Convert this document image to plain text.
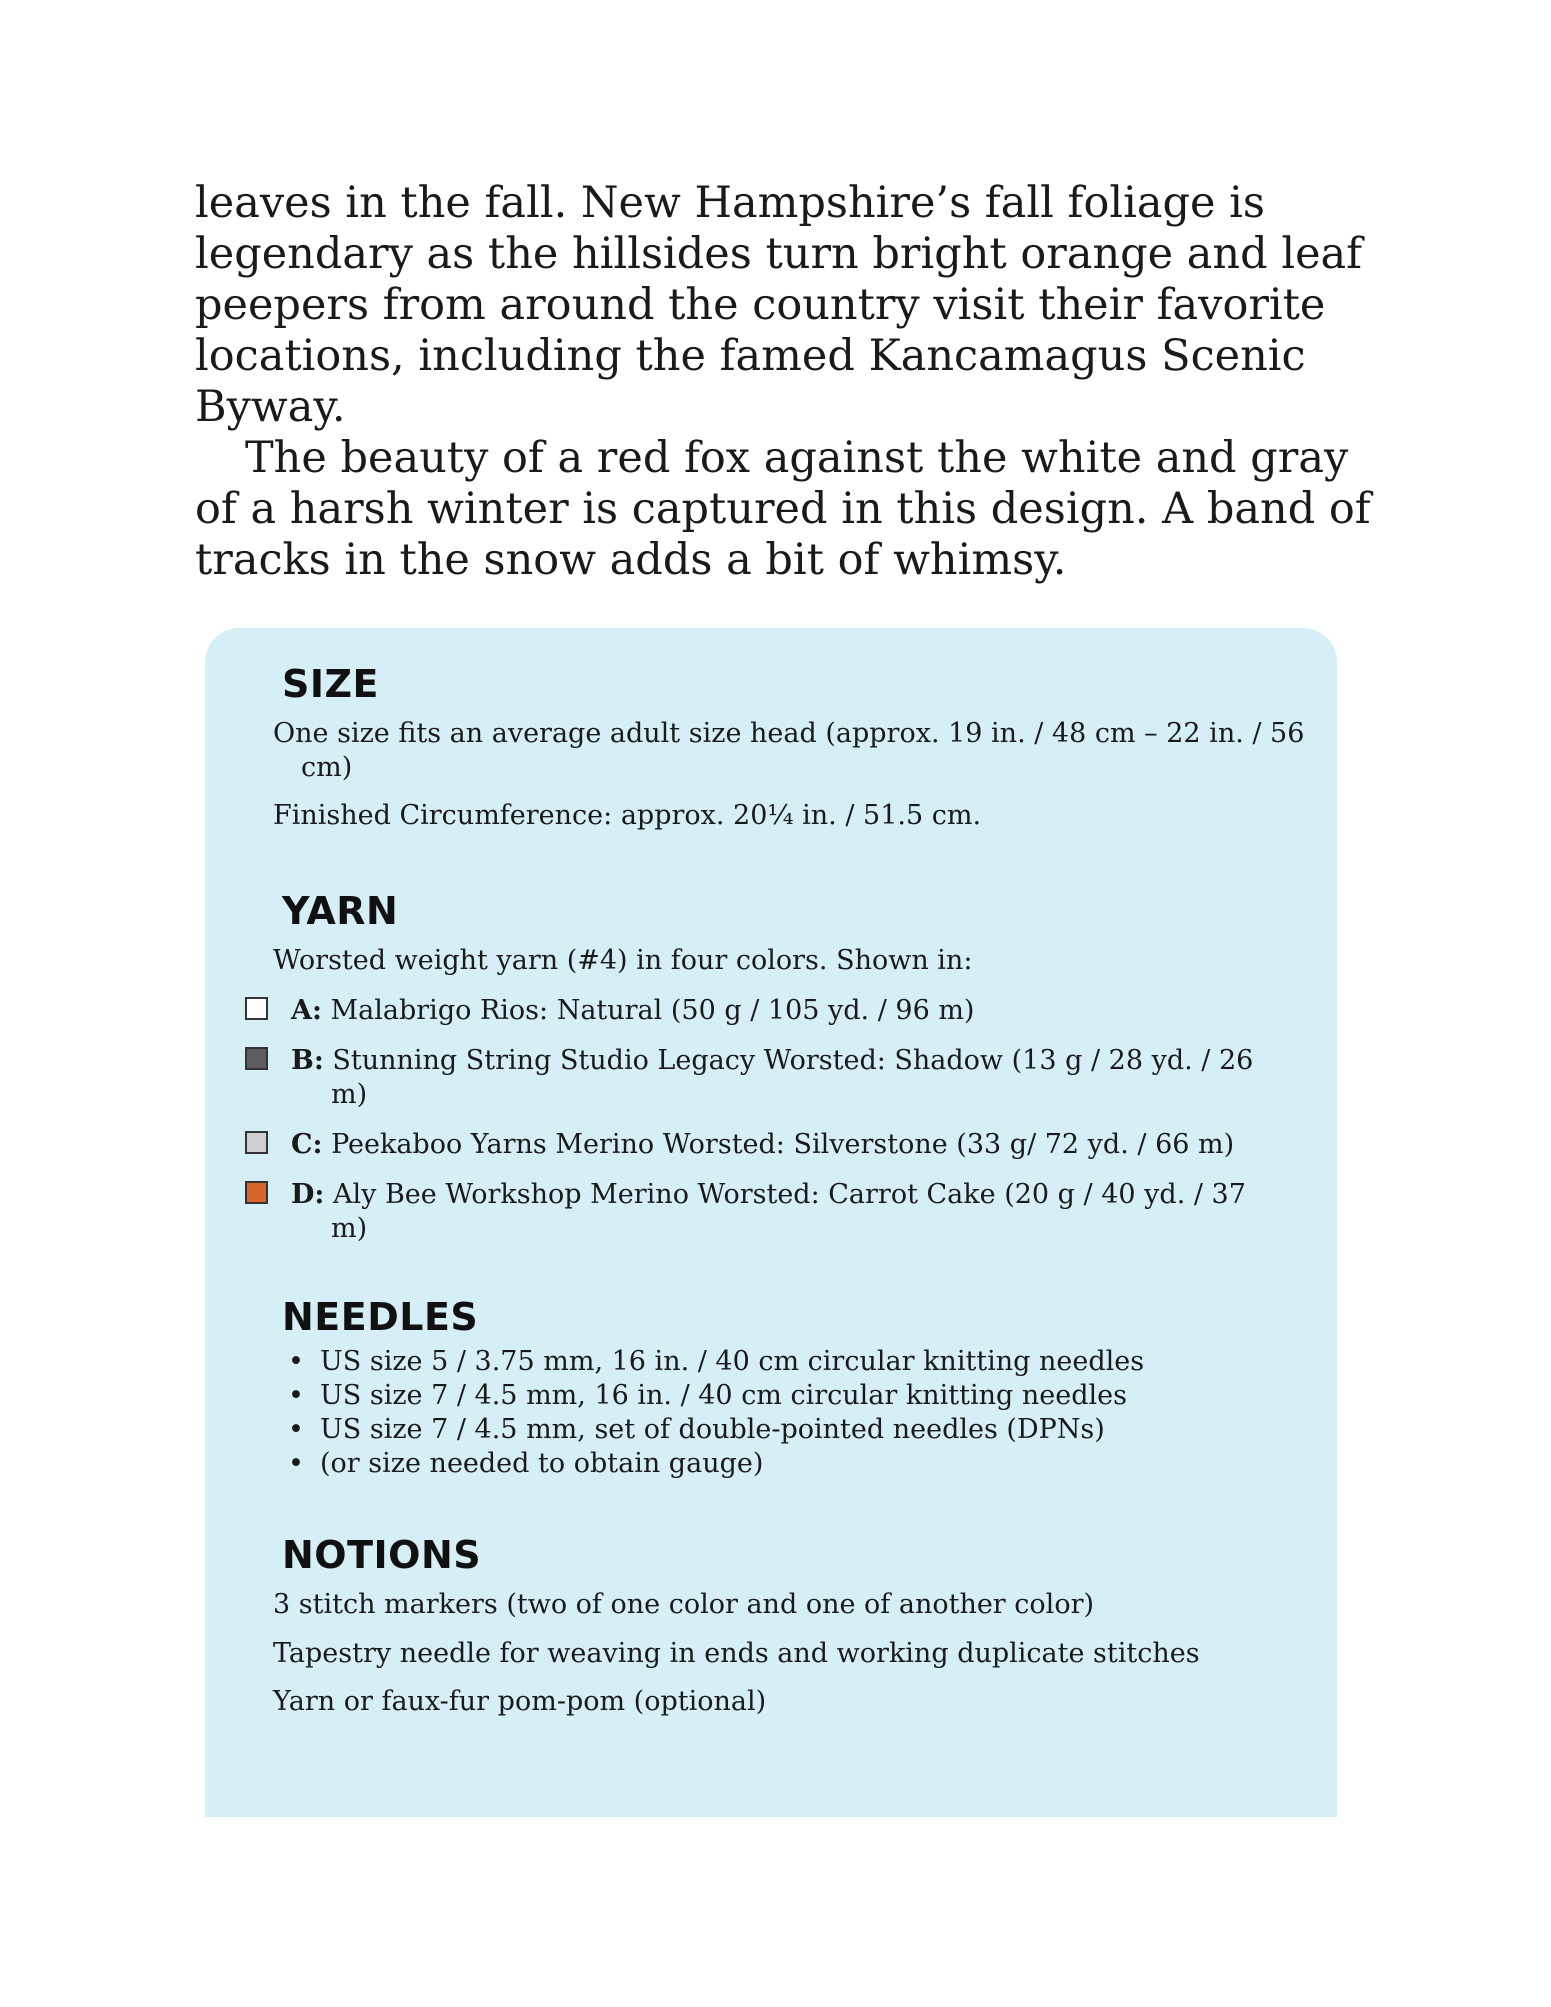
leaves in the fall. New Hampshire’s fall foliage is legendary as the hillsides turn bright orange and leaf peepers from around the country visit their favorite locations, including the famed Kancamagus Scenic Byway.

The beauty of a red fox against the white and gray of a harsh winter is captured in this design. A band of tracks in the snow adds a bit of whimsy.

SIZE
One size fits an average adult size head (approx. 19 in. / 48 cm – 22 in. / 56 cm)
Finished Circumference: approx. 20¼ in. / 51.5 cm.
YARN
Worsted weight yarn (#4) in four colors. Shown in:
A: Malabrigo Rios: Natural (50 g / 105 yd. / 96 m)
B: Stunning String Studio Legacy Worsted: Shadow (13 g / 28 yd. / 26 m)
C: Peekaboo Yarns Merino Worsted: Silverstone (33 g/ 72 yd. / 66 m)
D: Aly Bee Workshop Merino Worsted: Carrot Cake (20 g / 40 yd. / 37 m)
NEEDLES
• US size 5 / 3.75 mm, 16 in. / 40 cm circular knitting needles
• US size 7 / 4.5 mm, 16 in. / 40 cm circular knitting needles
• US size 7 / 4.5 mm, set of double-pointed needles (DPNs)
• (or size needed to obtain gauge)
NOTIONS
3 stitch markers (two of one color and one of another color)
Tapestry needle for weaving in ends and working duplicate stitches
Yarn or faux-fur pom-pom (optional)
